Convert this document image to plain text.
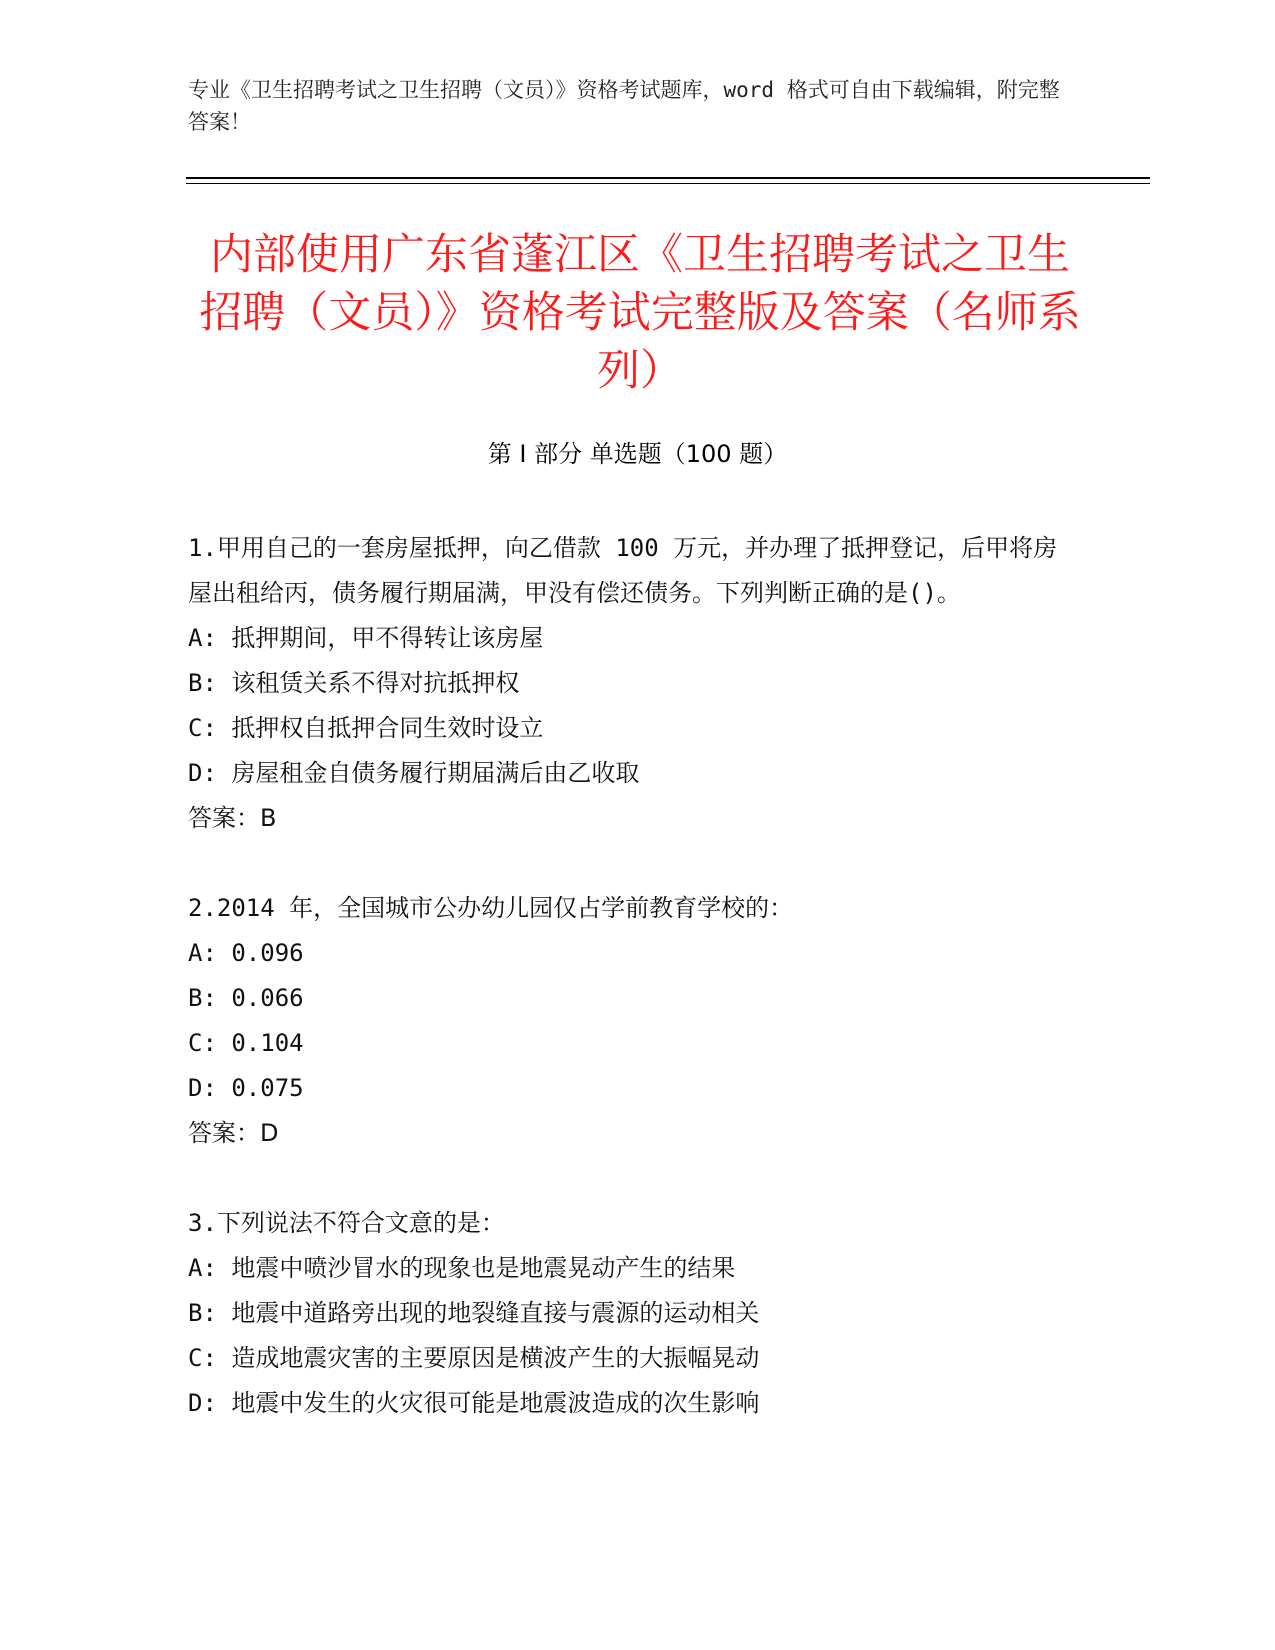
专业《卫生招聘考试之卫生招聘（文员）》资格考试题库，word 格式可自由下载编辑，附完整答案！
内部使用广东省蓬江区《卫生招聘考试之卫生招聘（文员）》资格考试完整版及答案（名师系列）
第 I 部分 单选题（100 题）

1.甲用自己的一套房屋抵押，向乙借款 100 万元，并办理了抵押登记，后甲将房屋出租给丙，债务履行期届满，甲没有偿还债务。下列判断正确的是()。

A: 抵押期间，甲不得转让该房屋

B: 该租赁关系不得对抗抵押权

C: 抵押权自抵押合同生效时设立

D: 房屋租金自债务履行期届满后由乙收取

答案：B

2.2014 年，全国城市公办幼儿园仅占学前教育学校的：

A: 0.096

B: 0.066

C: 0.104

D: 0.075

答案：D

3.下列说法不符合文意的是：

A: 地震中喷沙冒水的现象也是地震晃动产生的结果

B: 地震中道路旁出现的地裂缝直接与震源的运动相关

C: 造成地震灾害的主要原因是横波产生的大振幅晃动

D: 地震中发生的火灾很可能是地震波造成的次生影响
